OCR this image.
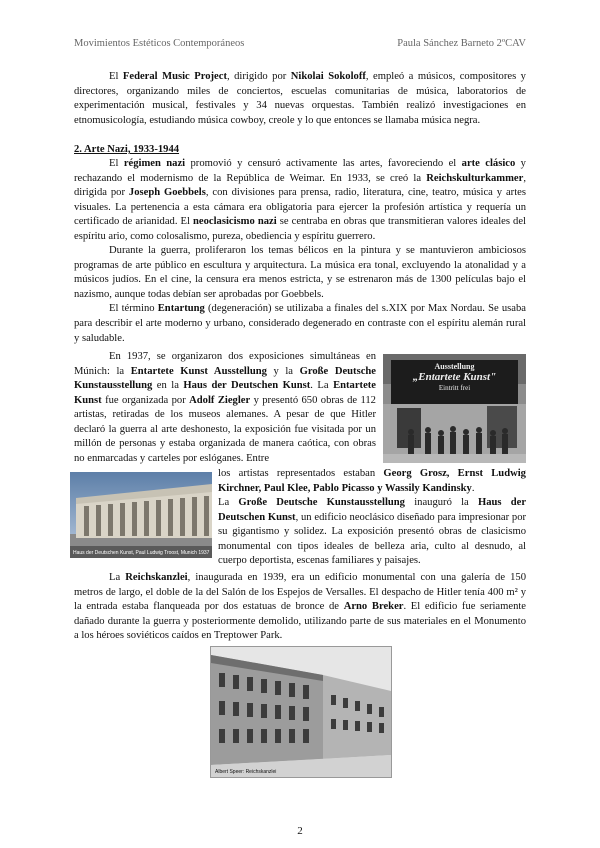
Movimientos Estéticos Contemporáneos	Paula Sánchez Barneto 2ºCAV

El Federal Music Project, dirigido por Nikolai Sokoloff, empleó a músicos, compositores y directores, organizando miles de conciertos, escuelas comunitarias de música, laboratorios de experimentación musical, festivales y 34 nuevas orquestas. También realizó investigaciones en etnomusicología, estudiando música cowboy, creole y lo que entonces se llamaba música negra.

2. Arte Nazi, 1933-1944

El régimen nazi promovió y censuró activamente las artes, favoreciendo el arte clásico y rechazando el modernismo de la República de Weimar. En 1933, se creó la Reichskulturkammer, dirigida por Joseph Goebbels, con divisiones para prensa, radio, literatura, cine, teatro, música y artes visuales. La pertenencia a esta cámara era obligatoria para ejercer la profesión artística y requería un certificado de arianidad. El neoclasicismo nazi se centraba en obras que transmitieran valores ideales del espíritu ario, como colosalismo, pureza, obediencia y espíritu guerrero.

Durante la guerra, proliferaron los temas bélicos en la pintura y se mantuvieron ambiciosos programas de arte público en escultura y arquitectura. La música era tonal, excluyendo la atonalidad y a músicos judíos. En el cine, la censura era menos estricta, y se estrenaron más de 1300 películas bajo el nazismo, aunque todas debían ser aprobadas por Goebbels.

El término Entartung (degeneración) se utilizaba a finales del s.XIX por Max Nordau. Se usaba para describir el arte moderno y urbano, considerado degenerado en contraste con el espíritu alemán rural y saludable.

En 1937, se organizaron dos exposiciones simultáneas en Múnich: la Entartete Kunst Ausstellung y la Große Deutsche Kunstausstellung en la Haus der Deutschen Kunst. La Entartete Kunst fue organizada por Adolf Ziegler y presentó 650 obras de 112 artistas, retiradas de los museos alemanes. A pesar de que Hitler declaró la guerra al arte deshonesto, la exposición fue visitada por un millón de personas y estaba organizada de manera caótica, con obras no enmarcadas y carteles por eslóganes. Entre

Ausstellung
„Entartete Kunst"
Eintritt frei
Haus der Deutschen Kunst, Paul Ludwig Troost, Munich 1937

los artistas representados estaban Georg Grosz, Ernst Ludwig Kirchner, Paul Klee, Pablo Picasso y Wassily Kandinsky.

La Große Deutsche Kunstausstellung inauguró la Haus der Deutschen Kunst, un edificio neoclásico diseñado para impresionar por su gigantismo y solidez. La exposición presentó obras de clasicismo monumental con tipos ideales de belleza aria, culto al desnudo, al cuerpo deportista, escenas familiares y paisajes.

La Reichskanzlei, inaugurada en 1939, era un edificio monumental con una galería de 150 metros de largo, el doble de la del Salón de los Espejos de Versalles. El despacho de Hitler tenía 400 m² y la entrada estaba flanqueada por dos estatuas de bronce de Arno Breker. El edificio fue seriamente dañado durante la guerra y posteriormente demolido, utilizando parte de sus materiales en el Monumento a los héroes soviéticos caídos en Treptower Park.

Albert Speer: Reichskanzlei
2
